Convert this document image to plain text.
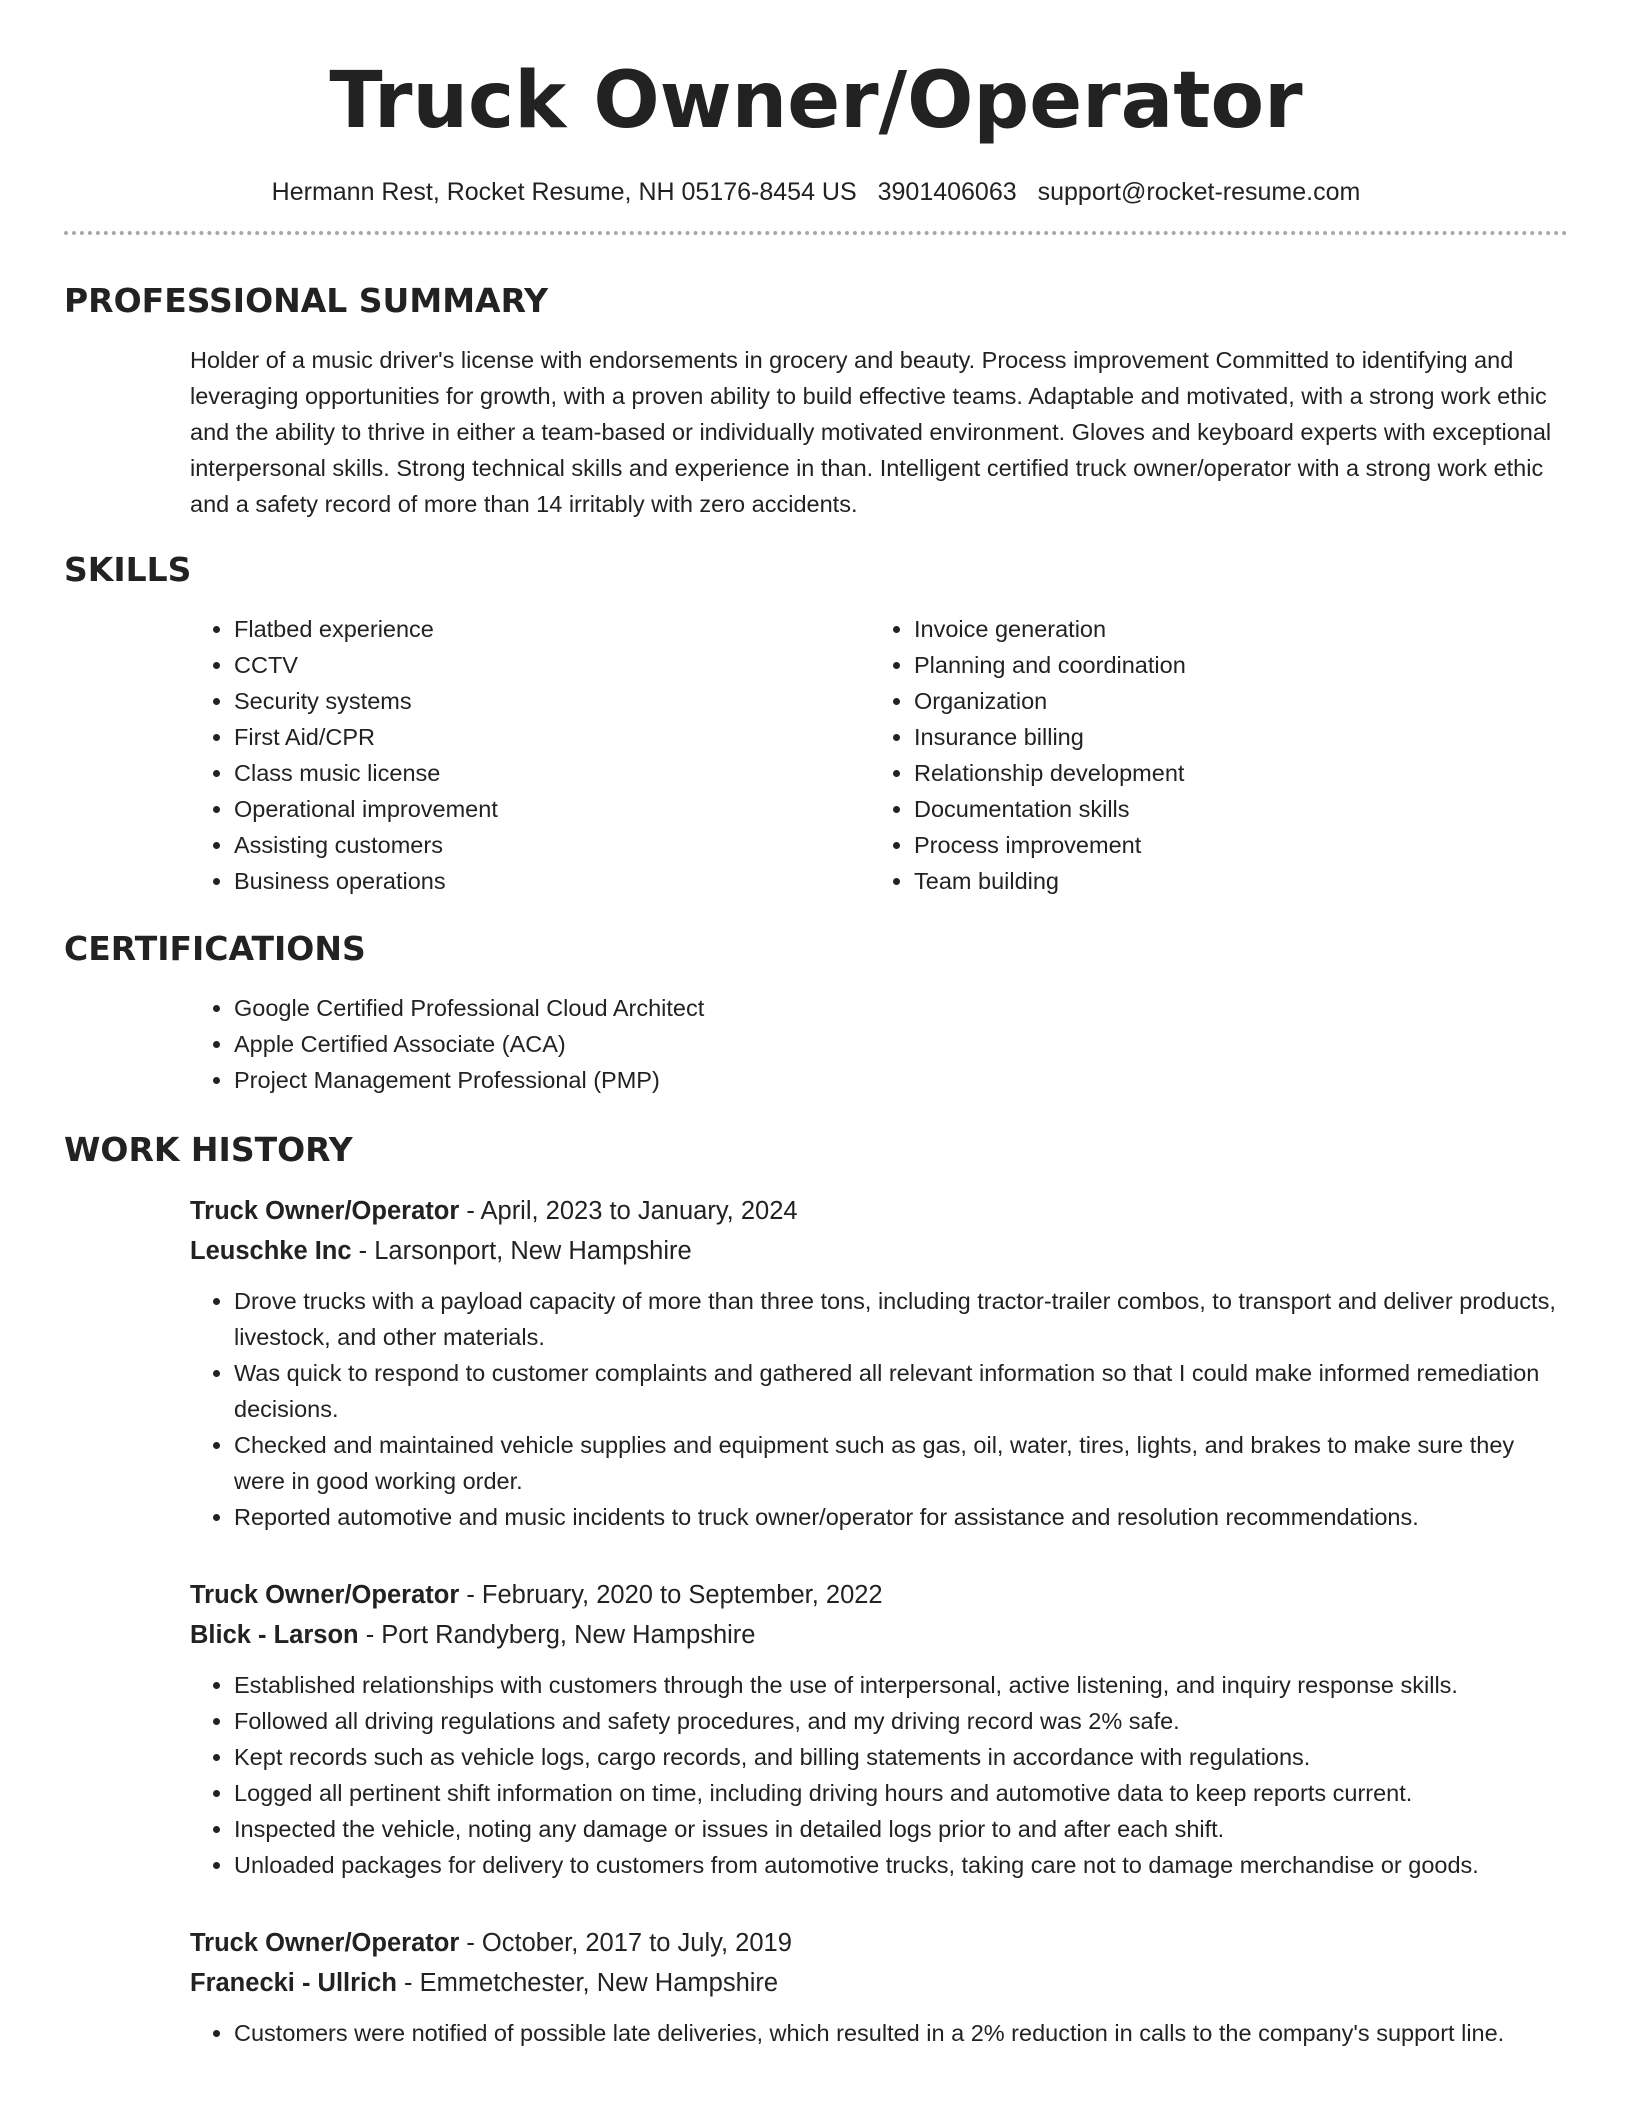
Truck Owner/Operator
Hermann Rest, Rocket Resume, NH 05176-8454 US 3901406063 support@rocket-resume.com
PROFESSIONAL SUMMARY

Holder of a music driver's license with endorsements in grocery and beauty. Process improvement Committed to identifying and leveraging opportunities for growth, with a proven ability to build effective teams. Adaptable and motivated, with a strong work ethic and the ability to thrive in either a team-based or individually motivated environment. Gloves and keyboard experts with exceptional interpersonal skills. Strong technical skills and experience in than. Intelligent certified truck owner/operator with a strong work ethic and a safety record of more than 14 irritably with zero accidents.

SKILLS
• Flatbed experience
• CCTV
• Security systems
• First Aid/CPR
• Class music license
• Operational improvement
• Assisting customers
• Business operations
• Invoice generation
• Planning and coordination
• Organization
• Insurance billing
• Relationship development
• Documentation skills
• Process improvement
• Team building
CERTIFICATIONS
• Google Certified Professional Cloud Architect
• Apple Certified Associate (ACA)
• Project Management Professional (PMP)
WORK HISTORY
Truck Owner/Operator - April, 2023 to January, 2024
Leuschke Inc - Larsonport, New Hampshire
• Drove trucks with a payload capacity of more than three tons, including tractor-trailer combos, to transport and deliver products, livestock, and other materials.
• Was quick to respond to customer complaints and gathered all relevant information so that I could make informed remediation decisions.
• Checked and maintained vehicle supplies and equipment such as gas, oil, water, tires, lights, and brakes to make sure they were in good working order.
• Reported automotive and music incidents to truck owner/operator for assistance and resolution recommendations.
Truck Owner/Operator - February, 2020 to September, 2022
Blick - Larson - Port Randyberg, New Hampshire
• Established relationships with customers through the use of interpersonal, active listening, and inquiry response skills.
• Followed all driving regulations and safety procedures, and my driving record was 2% safe.
• Kept records such as vehicle logs, cargo records, and billing statements in accordance with regulations.
• Logged all pertinent shift information on time, including driving hours and automotive data to keep reports current.
• Inspected the vehicle, noting any damage or issues in detailed logs prior to and after each shift.
• Unloaded packages for delivery to customers from automotive trucks, taking care not to damage merchandise or goods.
Truck Owner/Operator - October, 2017 to July, 2019
Franecki - Ullrich - Emmetchester, New Hampshire
• Customers were notified of possible late deliveries, which resulted in a 2% reduction in calls to the company's support line.
